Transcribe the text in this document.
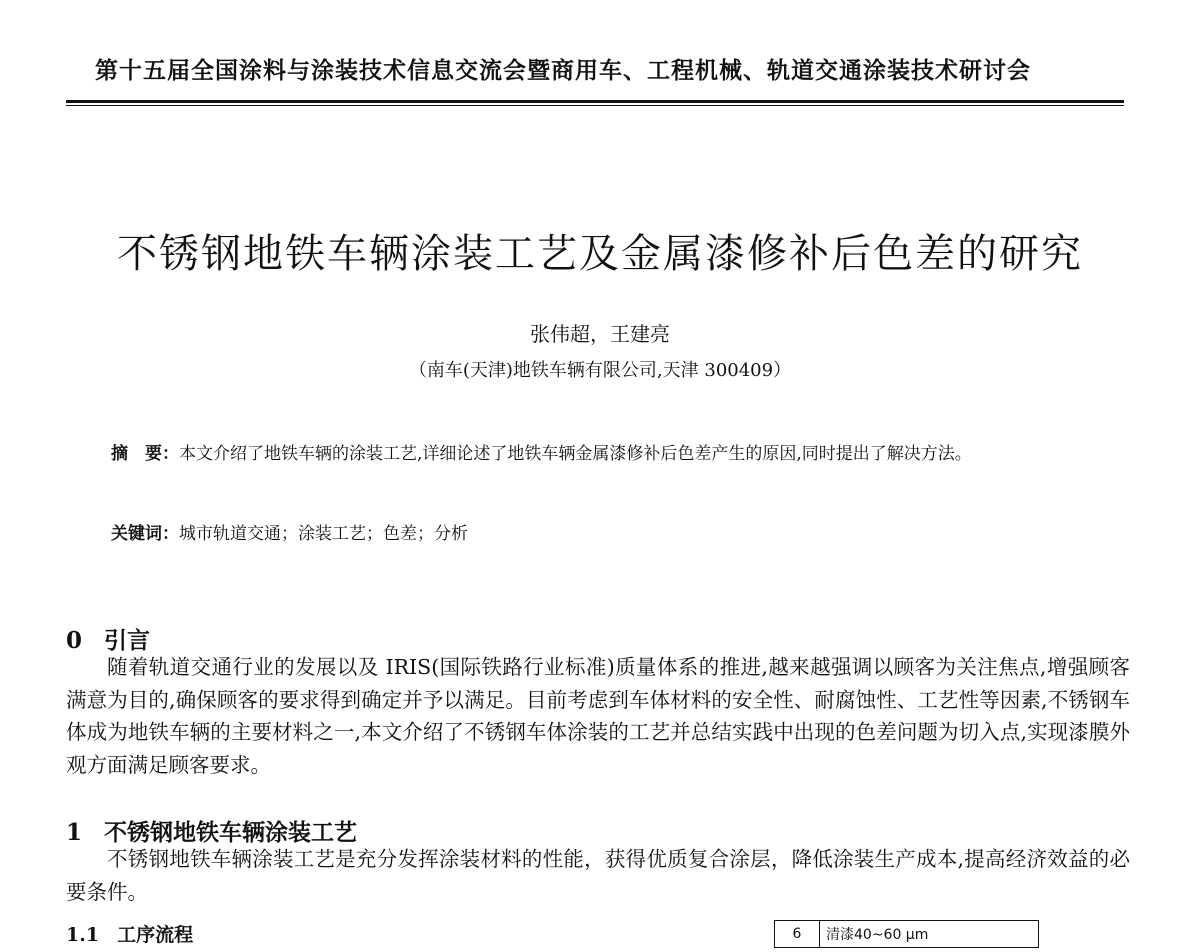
第十五届全国涂料与涂装技术信息交流会暨商用车、工程机械、轨道交通涂装技术研讨会
不锈钢地铁车辆涂装工艺及金属漆修补后色差的研究
张伟超，王建亮
（南车(天津)地铁车辆有限公司,天津 300409）
摘　要：本文介绍了地铁车辆的涂装工艺,详细论述了地铁车辆金属漆修补后色差产生的原因,同时提出了解决方法。
关键词：城市轨道交通；涂装工艺；色差；分析
0 引言
随着轨道交通行业的发展以及 IRIS(国际铁路行业标准)质量体系的推进,越来越强调以顾客为关注焦点,增强顾客满意为目的,确保顾客的要求得到确定并予以满足。目前考虑到车体材料的安全性、耐腐蚀性、工艺性等因素,不锈钢车体成为地铁车辆的主要材料之一,本文介绍了不锈钢车体涂装的工艺并总结实践中出现的色差问题为切入点,实现漆膜外观方面满足顾客要求。
1 不锈钢地铁车辆涂装工艺
不锈钢地铁车辆涂装工艺是充分发挥涂装材料的性能，获得优质复合涂层，降低涂装生产成本,提高经济效益的必要条件。
1.1 工序流程	6	清漆40~60 μm
